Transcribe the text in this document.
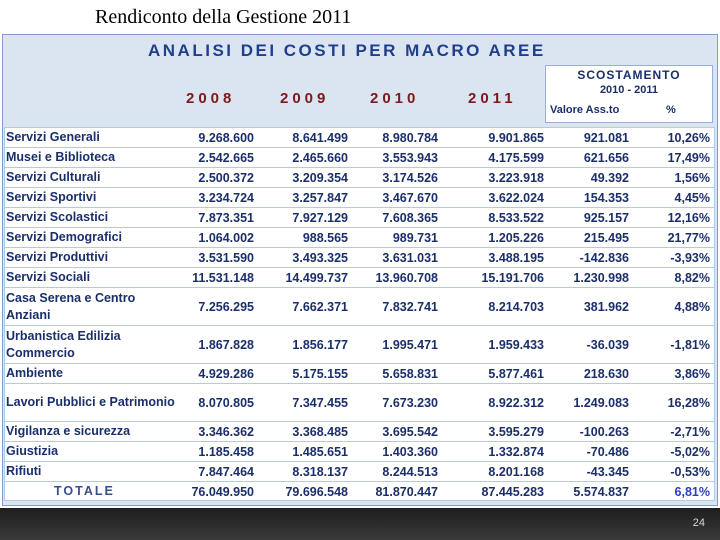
Rendiconto della Gestione 2011
ANALISI DEI COSTI PER MACRO AREE
2008	2009	2010	2011
SCOSTAMENTO
2010 - 2011
Valore Ass.to	%
Servizi Generali	9.268.600	8.641.499	8.980.784	9.901.865	921.081	10,26%
Musei e Biblioteca	2.542.665	2.465.660	3.553.943	4.175.599	621.656	17,49%
Servizi Culturali	2.500.372	3.209.354	3.174.526	3.223.918	49.392	1,56%
Servizi Sportivi	3.234.724	3.257.847	3.467.670	3.622.024	154.353	4,45%
Servizi Scolastici	7.873.351	7.927.129	7.608.365	8.533.522	925.157	12,16%
Servizi Demografici	1.064.002	988.565	989.731	1.205.226	215.495	21,77%
Servizi Produttivi	3.531.590	3.493.325	3.631.031	3.488.195	-142.836	-3,93%
Servizi Sociali	11.531.148	14.499.737	13.960.708	15.191.706	1.230.998	8,82%
Casa Serena e Centro Anziani
7.256.295	7.662.371	7.832.741	8.214.703	381.962	4,88%
Urbanistica Edilizia Commercio
1.867.828	1.856.177	1.995.471	1.959.433	-36.039	-1,81%
Ambiente	4.929.286	5.175.155	5.658.831	5.877.461	218.630	3,86%
Lavori Pubblici e Patrimonio	8.070.805	7.347.455	7.673.230	8.922.312	1.249.083	16,28%
Vigilanza e sicurezza	3.346.362	3.368.485	3.695.542	3.595.279	-100.263	-2,71%
Giustizia	1.185.458	1.485.651	1.403.360	1.332.874	-70.486	-5,02%
Rifiuti	7.847.464	8.318.137	8.244.513	8.201.168	-43.345	-0,53%
TOTALE	76.049.950	79.696.548	81.870.447	87.445.283	5.574.837	6,81%
24
